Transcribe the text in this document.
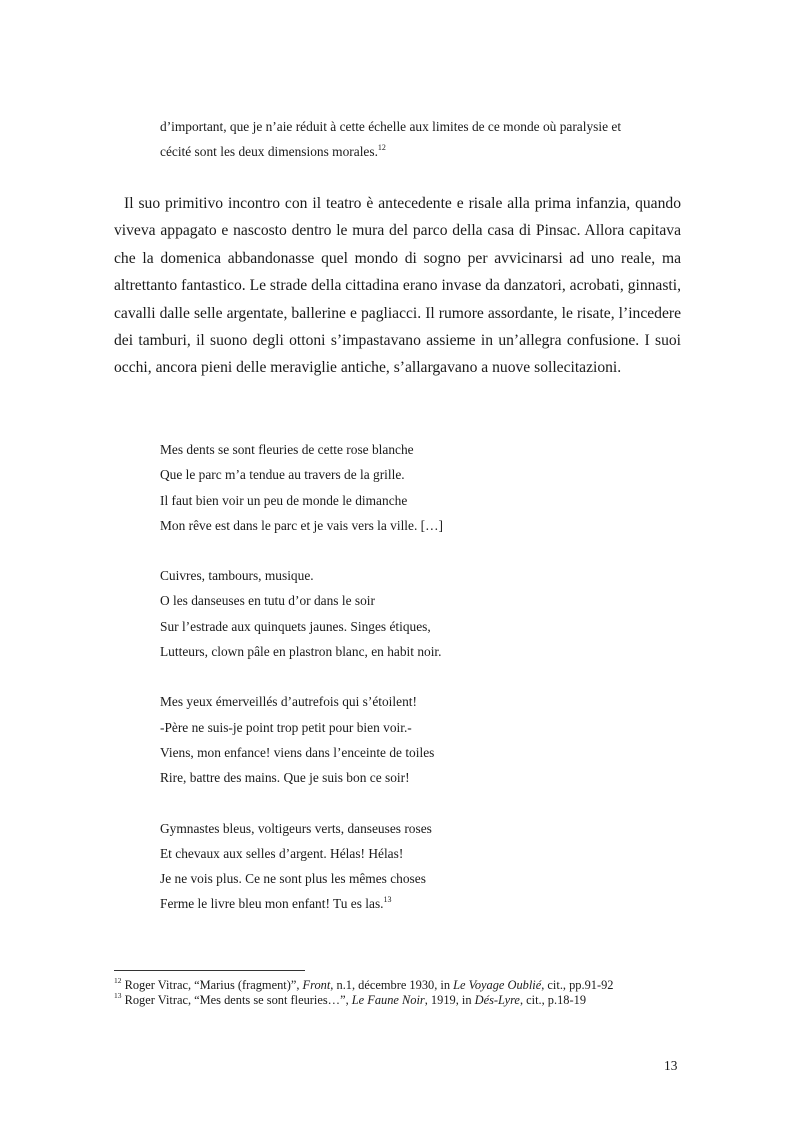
d’important, que je n’aie réduit à cette échelle aux limites de ce monde où paralysie et

cécité sont les deux dimensions morales.$^{12}$

Il suo primitivo incontro con il teatro è antecedente e risale alla prima infanzia, quando viveva appagato e nascosto dentro le mura del parco della casa di Pinsac. Allora capitava che la domenica abbandonasse quel mondo di sogno per avvicinarsi ad uno reale, ma altrettanto fantastico. Le strade della cittadina erano invase da danzatori, acrobati, ginnasti, cavalli dalle selle argentate, ballerine e pagliacci. Il rumore assordante, le risate, l’incedere dei tamburi, il suono degli ottoni s’impastavano assieme in un’allegra confusione. I suoi occhi, ancora pieni delle meraviglie antiche, s’allargavano a nuove sollecitazioni.

Mes dents se sont fleuries de cette rose blanche
Que le parc m’a tendue au travers de la grille.
Il faut bien voir un peu de monde le dimanche
Mon rêve est dans le parc et je vais vers la ville. […]
Cuivres, tambours, musique.
O les danseuses en tutu d’or dans le soir
Sur l’estrade aux quinquets jaunes. Singes étiques,
Lutteurs, clown pâle en plastron blanc, en habit noir.
Mes yeux émerveillés d’autrefois qui s’étoilent!
-Père ne suis-je point trop petit pour bien voir.-
Viens, mon enfance! viens dans l’enceinte de toiles
Rire, battre des mains. Que je suis bon ce soir!
Gymnastes bleus, voltigeurs verts, danseuses roses
Et chevaux aux selles d’argent. Hélas! Hélas!
Je ne vois plus. Ce ne sont plus les mêmes choses
Ferme le livre bleu mon enfant! Tu es las.$^{13}$
$^{12}$ Roger Vitrac, “Marius (fragment)”, Front, n.1, décembre 1930, in Le Voyage Oublié, cit., pp.91-92
$^{13}$ Roger Vitrac, “Mes dents se sont fleuries…”, Le Faune Noir, 1919, in Dés-Lyre, cit., p.18-19
13
